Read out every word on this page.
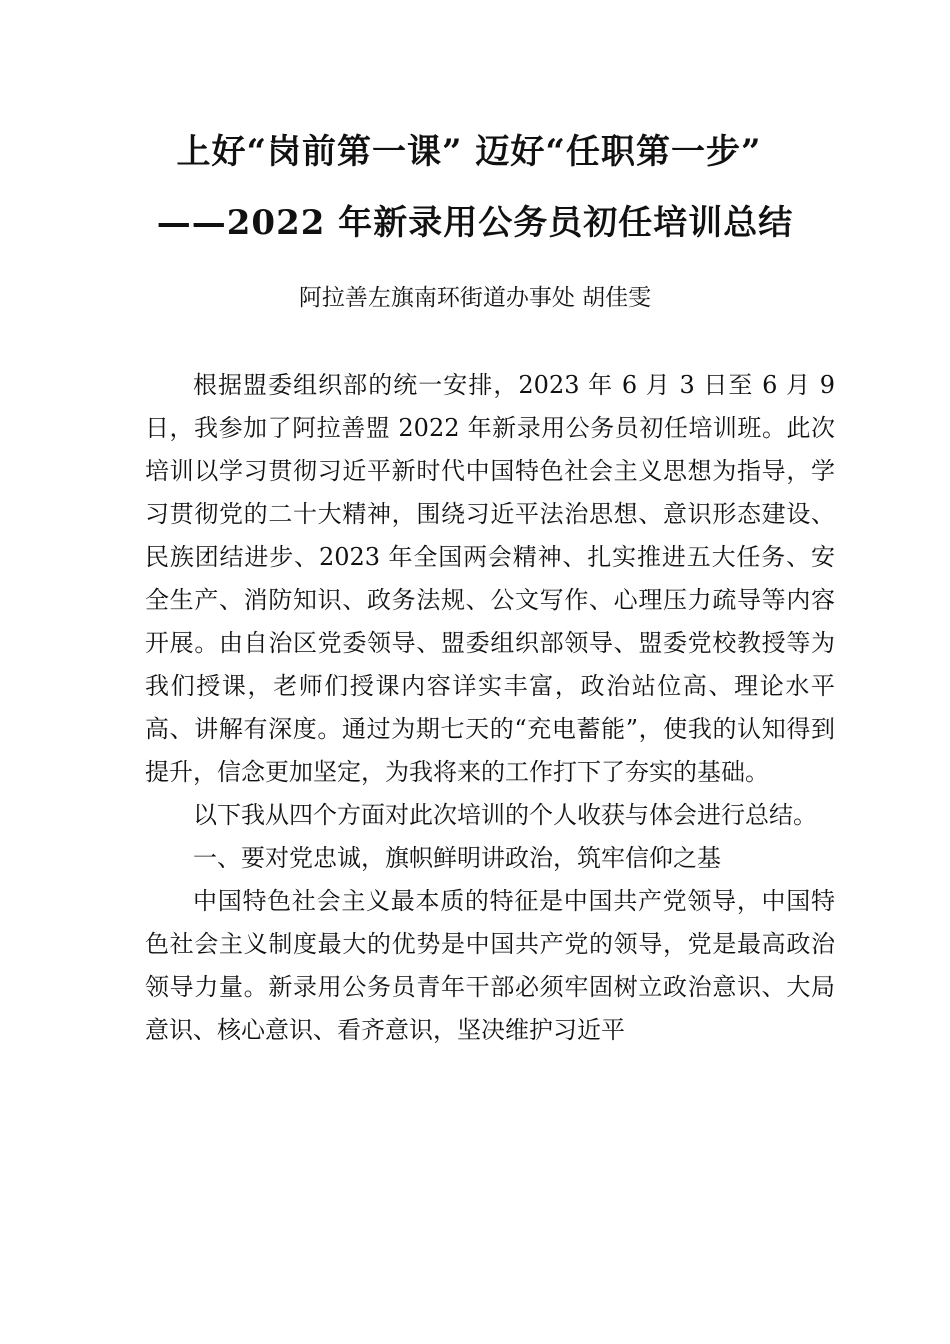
上好“岗前第一课” 迈好“任职第一步”
——2022 年新录用公务员初任培训总结
阿拉善左旗南环街道办事处 胡佳雯

根据盟委组织部的统一安排，2023 年 6 月 3 日至 6 月 9 日，我参加了阿拉善盟 2022 年新录用公务员初任培训班。此次培训以学习贯彻习近平新时代中国特色社会主义思想为指导，学习贯彻党的二十大精神，围绕习近平法治思想、意识形态建设、民族团结进步、2023 年全国两会精神、扎实推进五大任务、安全生产、消防知识、政务法规、公文写作、心理压力疏导等内容开展。由自治区党委领导、盟委组织部领导、盟委党校教授等为我们授课，老师们授课内容详实丰富，政治站位高、理论水平高、讲解有深度。通过为期七天的“充电蓄能”，使我的认知得到提升，信念更加坚定，为我将来的工作打下了夯实的基础。

以下我从四个方面对此次培训的个人收获与体会进行总结。

一、要对党忠诚，旗帜鲜明讲政治，筑牢信仰之基

中国特色社会主义最本质的特征是中国共产党领导，中国特色社会主义制度最大的优势是中国共产党的领导，党是最高政治领导力量。新录用公务员青年干部必须牢固树立政治意识、大局意识、核心意识、看齐意识，坚决维护习近平
